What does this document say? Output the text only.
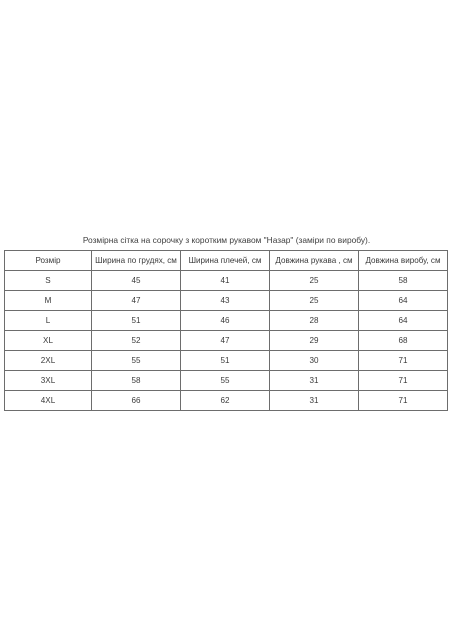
Розмірна сітка на сорочку з коротким рукавом "Назар" (заміри по виробу).
Розмір	Ширина по грудях, см	Ширина плечей, см	Довжина рукава , см	Довжина виробу, см
S	45	41	25	58
M	47	43	25	64
L	51	46	28	64
XL	52	47	29	68
2XL	55	51	30	71
3XL	58	55	31	71
4XL	66	62	31	71
